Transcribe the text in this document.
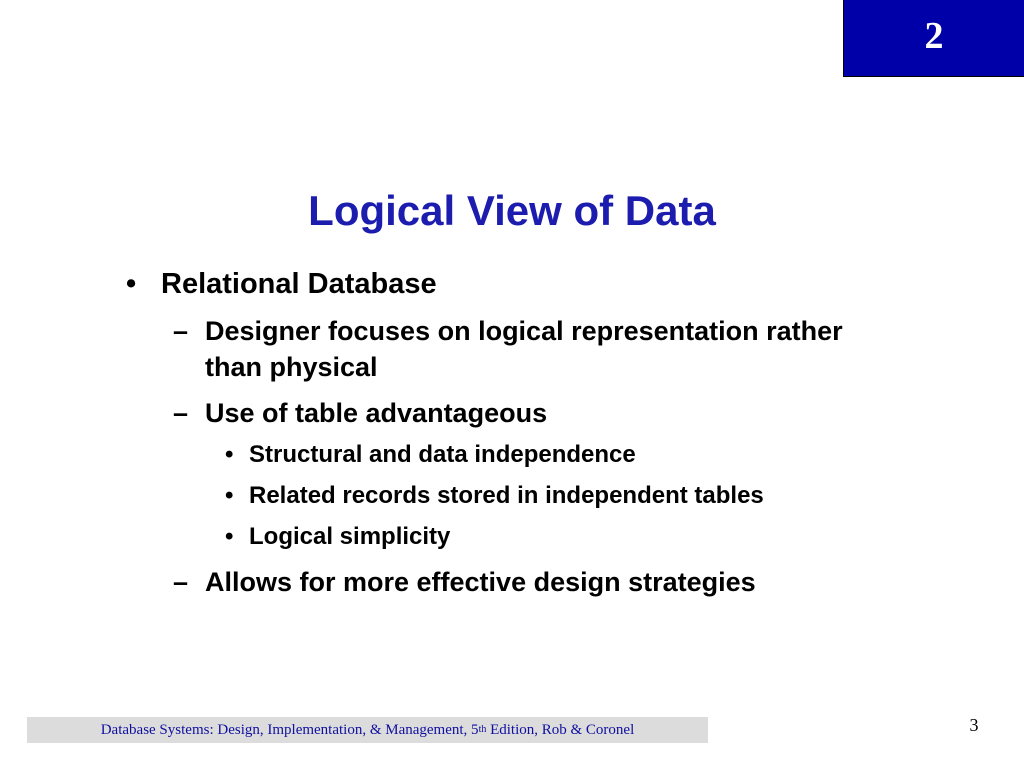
2
Logical View of Data
• Relational Database
– Designer focuses on logical representation rather
than physical
– Use of table advantageous
• Structural and data independence
• Related records stored in independent tables
• Logical simplicity
– Allows for more effective design strategies
Database Systems: Design, Implementation, & Management, 5 th Edition, Rob & Coronel	3
